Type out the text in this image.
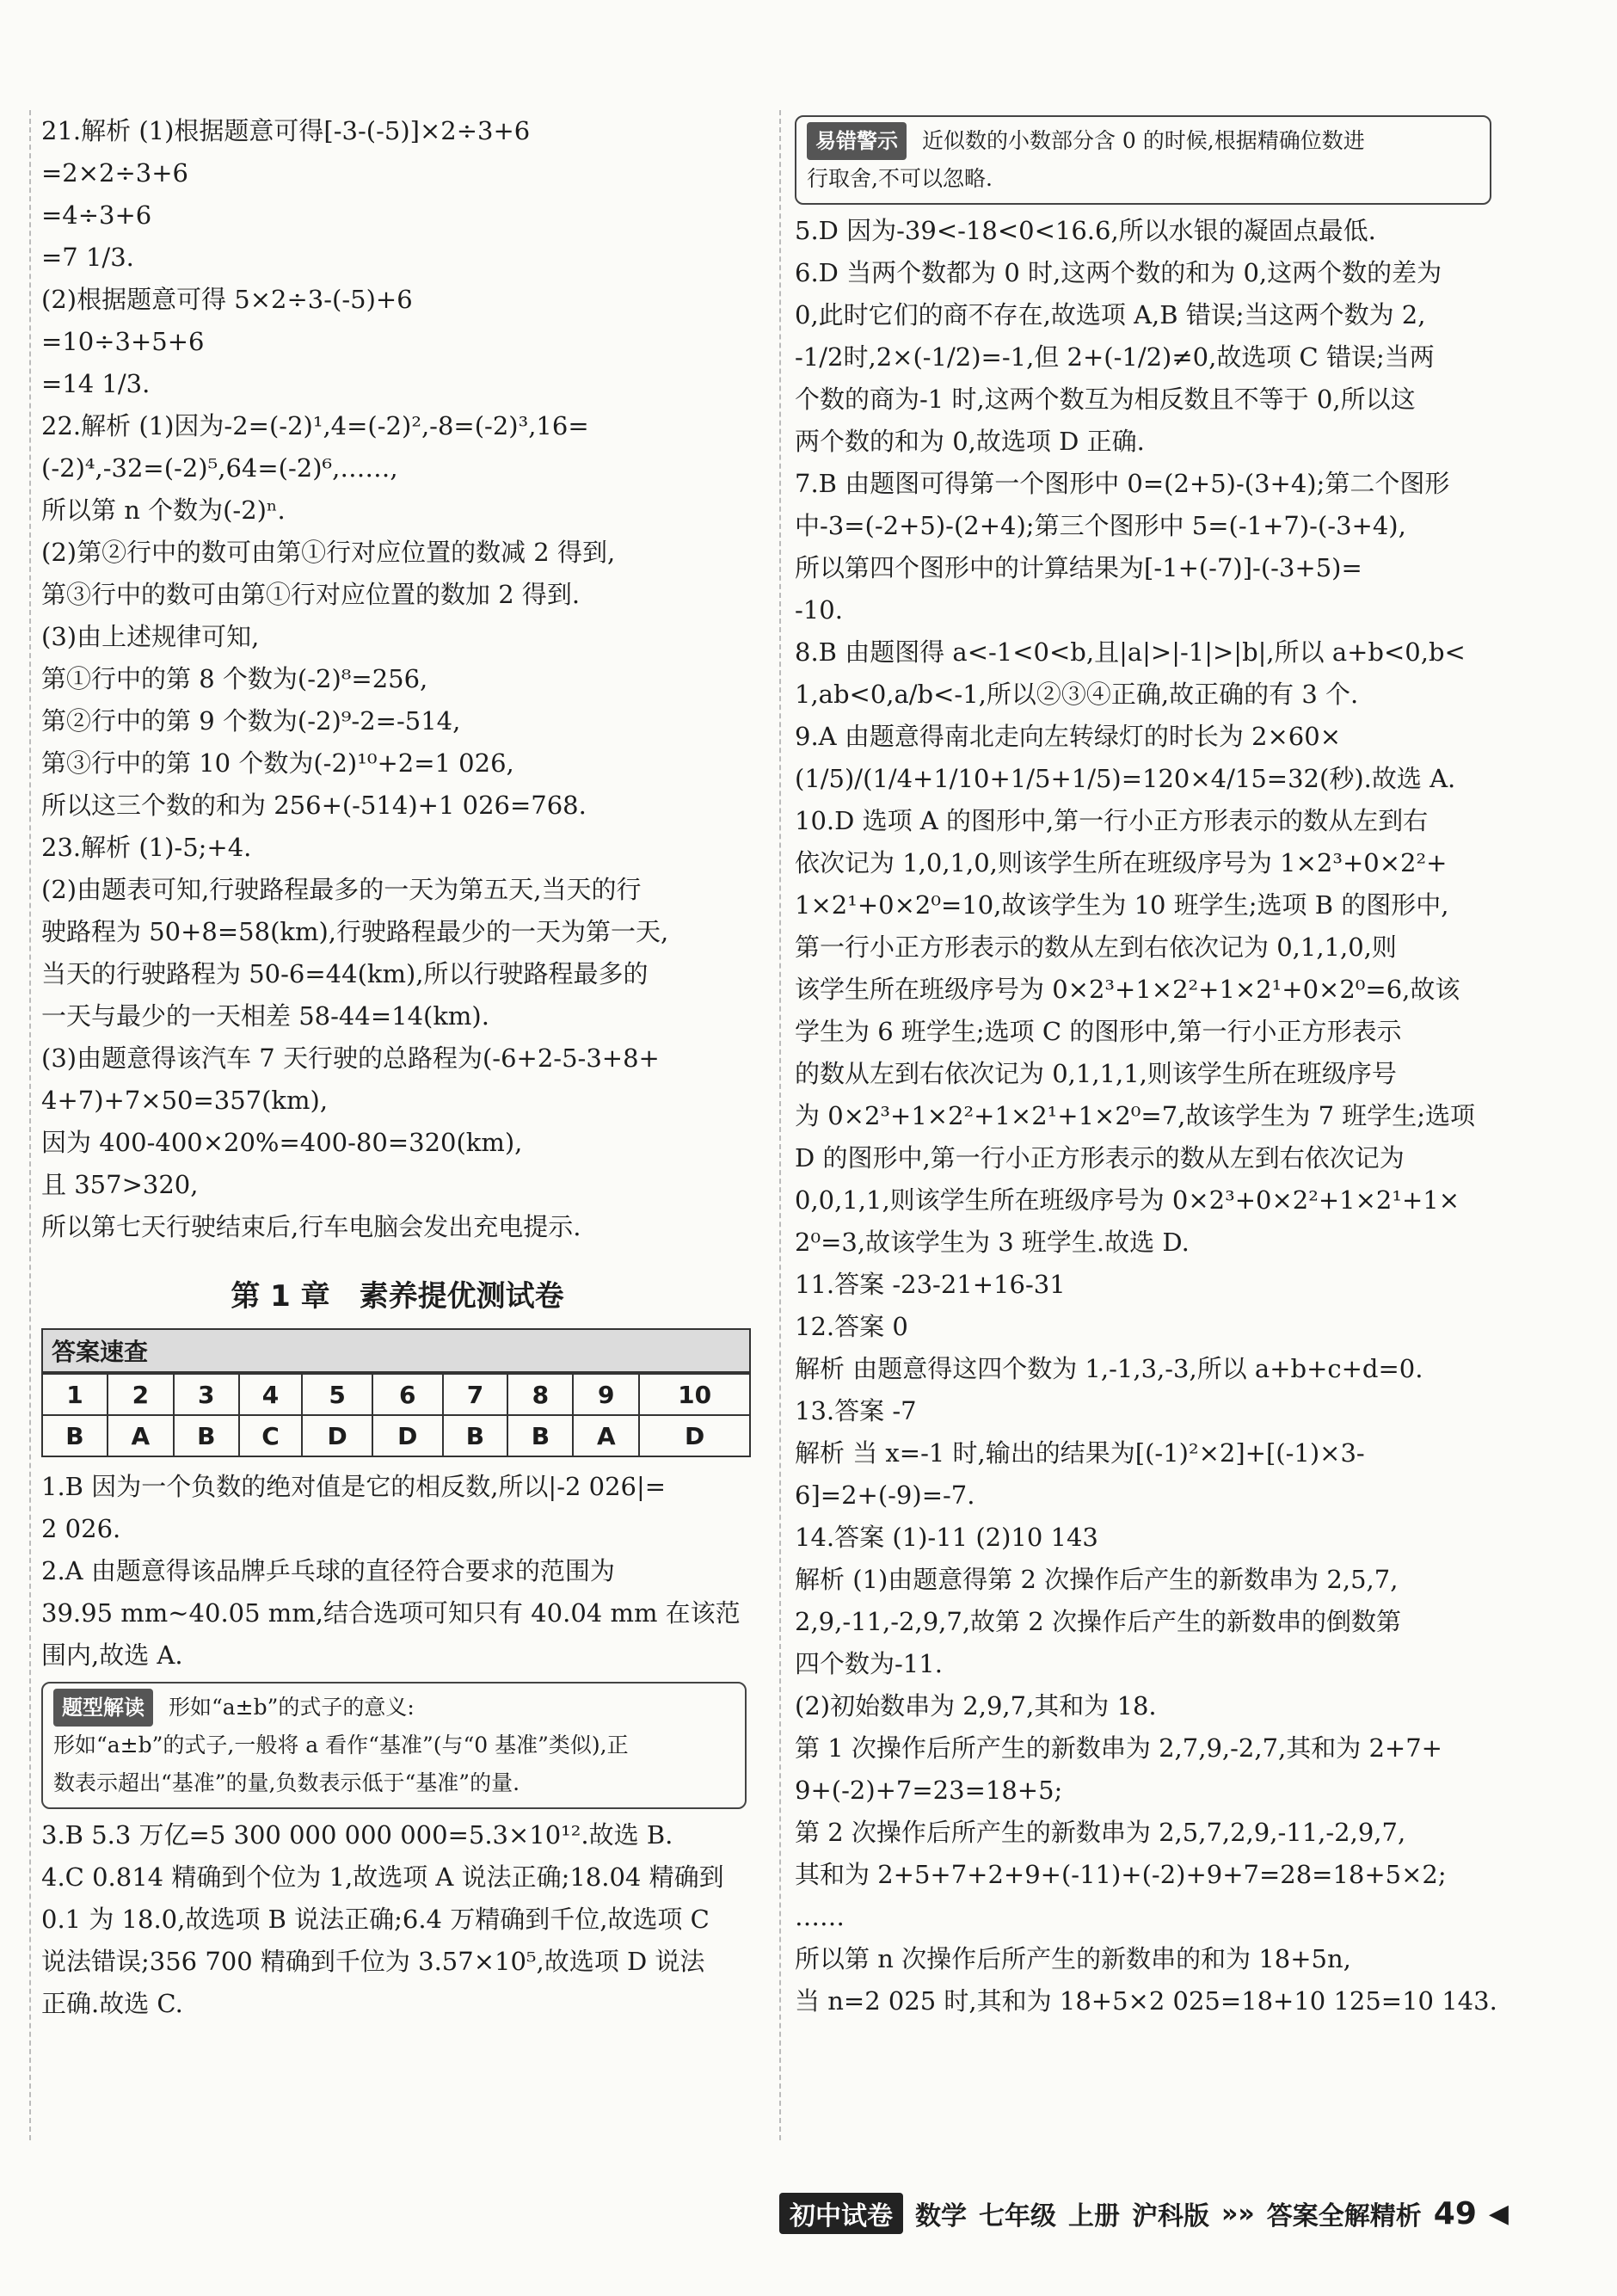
21.解析 (1)根据题意可得[-3-(-5)]×2÷3+6
=2×2÷3+6
=4÷3+6
=7 1/3.
(2)根据题意可得 5×2÷3-(-5)+6
=10÷3+5+6
=14 1/3.
22.解析 (1)因为-2=(-2)¹,4=(-2)²,-8=(-2)³,16=
(-2)⁴,-32=(-2)⁵,64=(-2)⁶,……,
所以第 n 个数为(-2)ⁿ.
(2)第②行中的数可由第①行对应位置的数减 2 得到,
第③行中的数可由第①行对应位置的数加 2 得到.
(3)由上述规律可知,
第①行中的第 8 个数为(-2)⁸=256,
第②行中的第 9 个数为(-2)⁹-2=-514,
第③行中的第 10 个数为(-2)¹⁰+2=1 026,
所以这三个数的和为 256+(-514)+1 026=768.
23.解析 (1)-5;+4.
(2)由题表可知,行驶路程最多的一天为第五天,当天的行
驶路程为 50+8=58(km),行驶路程最少的一天为第一天,
当天的行驶路程为 50-6=44(km),所以行驶路程最多的
一天与最少的一天相差 58-44=14(km).
(3)由题意得该汽车 7 天行驶的总路程为(-6+2-5-3+8+
4+7)+7×50=357(km),
因为 400-400×20%=400-80=320(km),
且 357>320,
所以第七天行驶结束后,行车电脑会发出充电提示.
第 1 章　素养提优测试卷
答案速查
1	2	3	4	5	6	7	8	9	10
B	A	B	C	D	D	B	B	A	D
1.B 因为一个负数的绝对值是它的相反数,所以|-2 026|=
2 026.
2.A 由题意得该品牌乒乓球的直径符合要求的范围为
39.95 mm~40.05 mm,结合选项可知只有 40.04 mm 在该范
围内,故选 A.
题型解读 形如“a±b”的式子的意义:
形如“a±b”的式子,一般将 a 看作“基准”(与“0 基准”类似),正
数表示超出“基准”的量,负数表示低于“基准”的量.
3.B 5.3 万亿=5 300 000 000 000=5.3×10¹².故选 B.
4.C 0.814 精确到个位为 1,故选项 A 说法正确;18.04 精确到
0.1 为 18.0,故选项 B 说法正确;6.4 万精确到千位,故选项 C
说法错误;356 700 精确到千位为 3.57×10⁵,故选项 D 说法
正确.故选 C.
易错警示 近似数的小数部分含 0 的时候,根据精确位数进
行取舍,不可以忽略.
5.D 因为-39<-18<0<16.6,所以水银的凝固点最低.
6.D 当两个数都为 0 时,这两个数的和为 0,这两个数的差为
0,此时它们的商不存在,故选项 A,B 错误;当这两个数为 2,
-1/2时,2×(-1/2)=-1,但 2+(-1/2)≠0,故选项 C 错误;当两
个数的商为-1 时,这两个数互为相反数且不等于 0,所以这
两个数的和为 0,故选项 D 正确.
7.B 由题图可得第一个图形中 0=(2+5)-(3+4);第二个图形
中-3=(-2+5)-(2+4);第三个图形中 5=(-1+7)-(-3+4),
所以第四个图形中的计算结果为[-1+(-7)]-(-3+5)=
-10.
8.B 由题图得 a<-1<0<b,且|a|>|-1|>|b|,所以 a+b<0,b<
1,ab<0,a/b<-1,所以②③④正确,故正确的有 3 个.
9.A 由题意得南北走向左转绿灯的时长为 2×60×
(1/5)/(1/4+1/10+1/5+1/5)=120×4/15=32(秒).故选 A.
10.D 选项 A 的图形中,第一行小正方形表示的数从左到右
依次记为 1,0,1,0,则该学生所在班级序号为 1×2³+0×2²+
1×2¹+0×2⁰=10,故该学生为 10 班学生;选项 B 的图形中,
第一行小正方形表示的数从左到右依次记为 0,1,1,0,则
该学生所在班级序号为 0×2³+1×2²+1×2¹+0×2⁰=6,故该
学生为 6 班学生;选项 C 的图形中,第一行小正方形表示
的数从左到右依次记为 0,1,1,1,则该学生所在班级序号
为 0×2³+1×2²+1×2¹+1×2⁰=7,故该学生为 7 班学生;选项
D 的图形中,第一行小正方形表示的数从左到右依次记为
0,0,1,1,则该学生所在班级序号为 0×2³+0×2²+1×2¹+1×
2⁰=3,故该学生为 3 班学生.故选 D.
11.答案 -23-21+16-31
12.答案 0
解析 由题意得这四个数为 1,-1,3,-3,所以 a+b+c+d=0.
13.答案 -7
解析 当 x=-1 时,输出的结果为[(-1)²×2]+[(-1)×3-
6]=2+(-9)=-7.
14.答案 (1)-11 (2)10 143
解析 (1)由题意得第 2 次操作后产生的新数串为 2,5,7,
2,9,-11,-2,9,7,故第 2 次操作后产生的新数串的倒数第
四个数为-11.
(2)初始数串为 2,9,7,其和为 18.
第 1 次操作后所产生的新数串为 2,7,9,-2,7,其和为 2+7+
9+(-2)+7=23=18+5;
第 2 次操作后所产生的新数串为 2,5,7,2,9,-11,-2,9,7,
其和为 2+5+7+2+9+(-11)+(-2)+9+7=28=18+5×2;
……
所以第 n 次操作后所产生的新数串的和为 18+5n,
当 n=2 025 时,其和为 18+5×2 025=18+10 125=10 143.
初中试卷 数学 七年级 上册 沪科版 »» 答案全解精析 49 ◀
